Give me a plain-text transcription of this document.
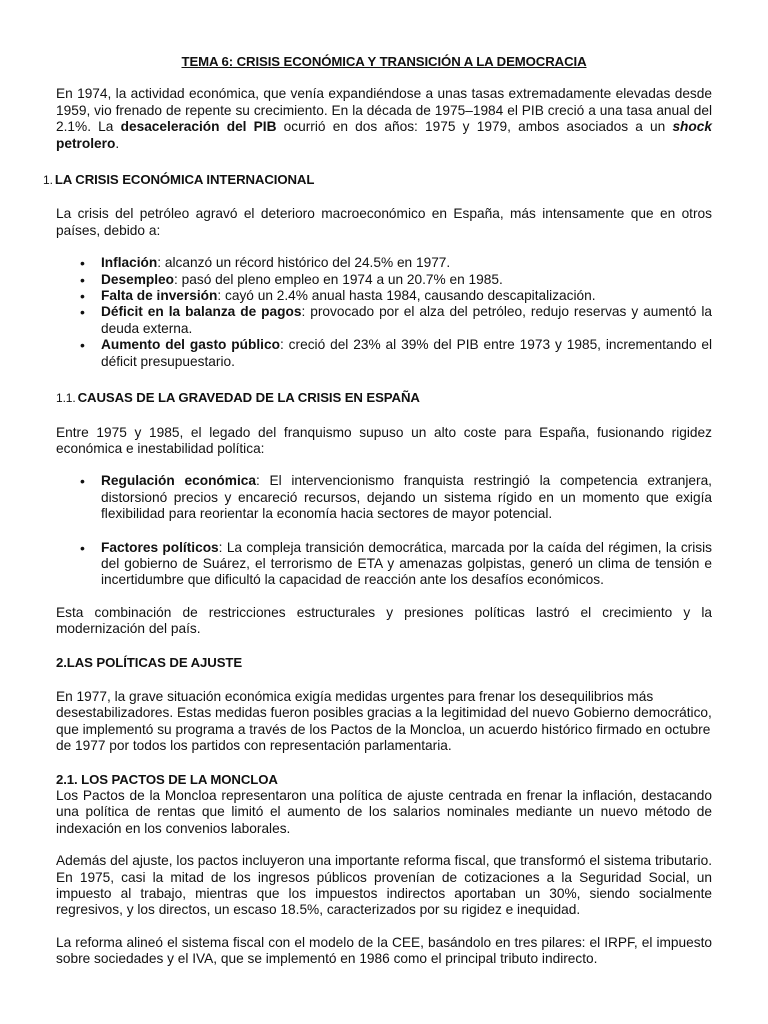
TEMA 6: CRISIS ECONÓMICA Y TRANSICIÓN A LA DEMOCRACIA

En 1974, la actividad económica, que venía expandiéndose a unas tasas extremadamente elevadas desde 1959, vio frenado de repente su crecimiento. En la década de 1975–1984 el PIB creció a una tasa anual del 2.1%. La desaceleración del PIB ocurrió en dos años: 1975 y 1979, ambos asociados a un shock petrolero.

1. LA CRISIS ECONÓMICA INTERNACIONAL

La crisis del petróleo agravó el deterioro macroeconómico en España, más intensamente que en otros países, debido a:

• Inflación: alcanzó un récord histórico del 24.5% en 1977.
• Desempleo: pasó del pleno empleo en 1974 a un 20.7% en 1985.
• Falta de inversión: cayó un 2.4% anual hasta 1984, causando descapitalización.
• Déficit en la balanza de pagos: provocado por el alza del petróleo, redujo reservas y aumentó la deuda externa.
• Aumento del gasto público: creció del 23% al 39% del PIB entre 1973 y 1985, incrementando el déficit presupuestario.
1.1. CAUSAS DE LA GRAVEDAD DE LA CRISIS EN ESPAÑA

Entre 1975 y 1985, el legado del franquismo supuso un alto coste para España, fusionando rigidez económica e inestabilidad política:

• Regulación económica: El intervencionismo franquista restringió la competencia extranjera, distorsionó precios y encareció recursos, dejando un sistema rígido en un momento que exigía flexibilidad para reorientar la economía hacia sectores de mayor potencial.
• Factores políticos: La compleja transición democrática, marcada por la caída del régimen, la crisis del gobierno de Suárez, el terrorismo de ETA y amenazas golpistas, generó un clima de tensión e incertidumbre que dificultó la capacidad de reacción ante los desafíos económicos.

Esta combinación de restricciones estructurales y presiones políticas lastró el crecimiento y la modernización del país.

2.LAS POLÍTICAS DE AJUSTE

En 1977, la grave situación económica exigía medidas urgentes para frenar los desequilibrios más desestabilizadores. Estas medidas fueron posibles gracias a la legitimidad del nuevo Gobierno democrático, que implementó su programa a través de los Pactos de la Moncloa, un acuerdo histórico firmado en octubre de 1977 por todos los partidos con representación parlamentaria.

2.1. LOS PACTOS DE LA MONCLOA

Los Pactos de la Moncloa representaron una política de ajuste centrada en frenar la inflación, destacando una política de rentas que limitó el aumento de los salarios nominales mediante un nuevo método de indexación en los convenios laborales.

Además del ajuste, los pactos incluyeron una importante reforma fiscal, que transformó el sistema tributario. En 1975, casi la mitad de los ingresos públicos provenían de cotizaciones a la Seguridad Social, un impuesto al trabajo, mientras que los impuestos indirectos aportaban un 30%, siendo socialmente regresivos, y los directos, un escaso 18.5%, caracterizados por su rigidez e inequidad.

La reforma alineó el sistema fiscal con el modelo de la CEE, basándolo en tres pilares: el IRPF, el impuesto sobre sociedades y el IVA, que se implementó en 1986 como el principal tributo indirecto.
